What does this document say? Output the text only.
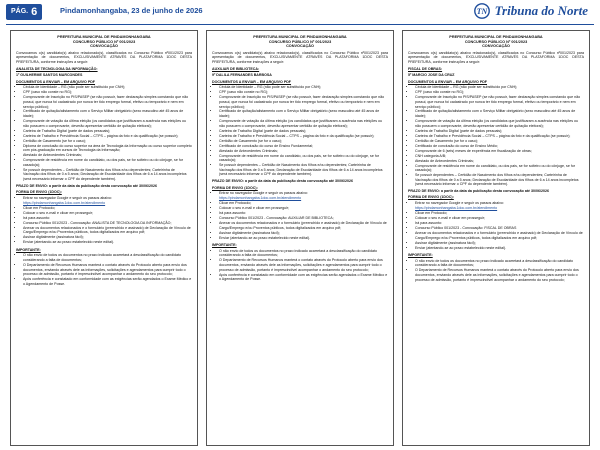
PÁG. 6	Pindamonhangaba, 23 de junho de 2026	TN Tribuna do Norte
PREFEITURA MUNICIPAL DE PINDAMONHANGABA
CONCURSO PÚBLICO Nº 001/2023
CONVOCAÇÃO

Convocamos o(s) candidato(s) abaixo relacionado(s), classificados no Concurso Público nº001/2023 para apresentação de documentos, EXCLUSIVAMENTE ATRAVÉS DA PLATAFORMA 1DOC DESTA PREFEITURA, conforme instruções a seguir:

ANALISTA DE TECNOLOGIA DA INFORMAÇÃO:

1º GUILHERME SANTOS MARCONDES

DOCUMENTOS A ENVIAR – EM ARQUIVO PDF

• Cédula de Identidade – RG (não pode ser substituído por CNH);
• CPF (caso não conste no RG);
• Comprovante de Inscrição no PIS/PASEP (se não possuir, fazer declaração simples constando que não possui, que nunca foi cadastrado por nunca ter tido emprego formal, efetivo ou temporário e nem em serviço público);
• Certificado de quitação/alistamento com o Serviço Militar obrigatório (sexo masculino até 45 anos de idade);
• Comprovante de votação da última eleição (os candidatos que justificaram a ausência nas eleições ou não possuem o comprovante, deverão apresentar certidão de quitação eleitoral);
• Carteira de Trabalho Digital (parte de dados pessoais);
• Carteira de Trabalho e Previdência Social – CTPS – página da foto e da qualificação (se possuir);
• Certidão de Casamento (se for o caso);
• Diploma de conclusão do curso superior na área de Tecnologia da Informação ou curso superior completo com pós-graduação em cursos de Tecnologia da Informação;
• Atestado de Antecedentes Criminais;
• Comprovante de residência em nome do candidato, ou dos pais, se for solteiro ou do cônjuge, se for casado(a);
• Se possuir dependentes – Certidão de Nascimento dos filhos e/ou dependentes; Carteirinha de Vacinação dos filhos de 0 a 5 anos; Declaração de Escolaridade dos filhos de 6 a 14 anos incompletos (será necessário informar o CPF do dependente também).

PRAZO DE ENVIO: a partir da data da publicação desta convocação até 30/06/2026

FORMA DE ENVIO (1DOC):

• Entrar no navegador Google e seguir os passos abaixo:
https://pindamonhangaba.1doc.com.br/atendimento
• Clicar em Protocolo;
• Colocar o seu e-mail e clicar em prosseguir;
• Irá para assunto:
• Concurso Público 001/2023 - Convocação: ANALISTA DE TECNOLOGIA DA INFORMAÇÃO;
• Anexar os documentos relacionados e o formulário (preenchido e assinado) de Declaração de Vínculo de Cargo/Emprego e/ou Proventos públicos, todos digitalizados em arquivo pdf;
• Assinar digitalmente (assinatura fácil);
• Enviar (atentando-se ao prazo estabelecido neste edital).

IMPORTANTE:

• O não envio de todos os documentos no prazo indicado acarretará a desclassificação do candidato considerando a falta de documentos;
• O Departamento de Recursos Humanos manterá o contato através do Protocolo aberto para envio dos documentos, enviando através dele as informações, solicitações e agendamentos para cumprir todo o processo de admissão, portanto é imprescindível acompanhar o andamento do seu protocolo;
• Após conferência e constatado em conformidade com as exigências serão agendados o Exame Médico e o Agendamento de Posse.
PREFEITURA MUNICIPAL DE PINDAMONHANGABA
CONCURSO PÚBLICO Nº 001/2023
CONVOCAÇÃO

Convocamos o(s) candidato(s) abaixo relacionado(s), classificados no Concurso Público nº001/2023 para apresentação de documentos, EXCLUSIVAMENTE ATRAVÉS DA PLATAFORMA 1DOC DESTA PREFEITURA, conforme instruções a seguir:

AUXILIAR DE BIBLIOTECA:

9º DALILA FERNANDES BARBOSA

DOCUMENTOS A ENVIAR – EM ARQUIVO PDF

• Cédula de Identidade – RG (não pode ser substituído por CNH);
• CPF (caso não conste no RG);
• Comprovante de Inscrição no PIS/PASEP (se não possuir, fazer declaração simples constando que não possui, que nunca foi cadastrado por nunca ter tido emprego formal, efetivo ou temporário e nem em serviço público);
• Certificado de quitação/alistamento com o Serviço Militar obrigatório (sexo masculino até 45 anos de idade);
• Comprovante de votação da última eleição (os candidatos que justificaram a ausência nas eleições ou não possuem o comprovante, deverão apresentar certidão de quitação eleitoral);
• Carteira de Trabalho Digital (parte de dados pessoais);
• Carteira de Trabalho e Previdência Social – CTPS – página da foto e da qualificação (se possuir);
• Certidão de Casamento (se for o caso);
• Certificado de conclusão do curso de Ensino Fundamental;
• Atestado de Antecedentes Criminais;
• Comprovante de residência em nome do candidato, ou dos pais, se for solteiro ou do cônjuge, se for casado(a);
• Se possuir dependentes – Certidão de Nascimento dos filhos e/ou dependentes; Carteirinha de Vacinação dos filhos de 0 a 5 anos; Declaração de Escolaridade dos filhos de 6 a 14 anos incompletos (será necessário informar o CPF do dependente também).

PRAZO DE ENVIO: a partir da data da publicação desta convocação até 30/06/2026

FORMA DE ENVIO (1DOC):

• Entrar no navegador Google e seguir os passos abaixo:
https://pindamonhangaba.1doc.com.br/atendimento
• Clicar em Protocolo;
• Colocar o seu e-mail e clicar em prosseguir;
• Irá para assunto:
• Concurso Público 001/2023 - Convocação: AUXILIAR DE BIBLIOTECA;
• Anexar os documentos relacionados e o formulário (preenchido e assinado) de Declaração de Vínculo de Cargo/Emprego e/ou Proventos públicos, todos digitalizados em arquivo pdf;
• Assinar digitalmente (assinatura fácil);
• Enviar (atentando-se ao prazo estabelecido neste edital).

IMPORTANTE:

• O não envio de todos os documentos no prazo indicado acarretará a desclassificação do candidato considerando a falta de documentos;
• O Departamento de Recursos Humanos manterá o contato através do Protocolo aberto para envio dos documentos, enviando através dele as informações, solicitações e agendamentos para cumprir todo o processo de admissão, portanto é imprescindível acompanhar o andamento do seu protocolo;
• Após conferência e constatado em conformidade com as exigências serão agendados o Exame Médico e o Agendamento de Posse.
PREFEITURA MUNICIPAL DE PINDAMONHANGABA
CONCURSO PÚBLICO Nº 001/2023
CONVOCAÇÃO

Convocamos o(s) candidato(s) abaixo relacionado(s), classificados no Concurso Público nº001/2023 para apresentação de documentos, EXCLUSIVAMENTE ATRAVÉS DA PLATAFORMA 1DOC DESTA PREFEITURA, conforme instruções a seguir:

FISCAL DE OBRAS:

5º MARCIO JOSE DA CRUZ

DOCUMENTOS A ENVIAR – EM ARQUIVO PDF

• Cédula de Identidade – RG (não pode ser substituído por CNH);
• CPF (caso não conste no RG);
• Comprovante de Inscrição no PIS/PASEP (se não possuir, fazer declaração simples constando que não possui, que nunca foi cadastrado por nunca ter tido emprego formal, efetivo ou temporário e nem em serviço público);
• Certificado de quitação/alistamento com o Serviço Militar obrigatório (sexo masculino até 45 anos de idade);
• Comprovante de votação da última eleição (os candidatos que justificaram a ausência nas eleições ou não possuem o comprovante, deverão apresentar certidão de quitação eleitoral);
• Carteira de Trabalho Digital (parte de dados pessoais);
• Carteira de Trabalho e Previdência Social – CTPS – página da foto e da qualificação (se possuir);
• Certidão de Casamento (se for o caso);
• Certificado de conclusão do curso de Ensino Médio;
• Comprovante de 6 (seis) meses de experiência em fiscalização de obras;
• CNH categoria A/B;
• Atestado de Antecedentes Criminais;
• Comprovante de residência em nome do candidato, ou dos pais, se for solteiro ou do cônjuge, se for casado(a);
• Se possuir dependentes – Certidão de Nascimento dos filhos e/ou dependentes; Carteirinha de Vacinação dos filhos de 0 a 5 anos; Declaração de Escolaridade dos filhos de 6 a 14 anos incompletos (será necessário informar o CPF do dependente também).

PRAZO DE ENVIO: a partir da data da publicação desta convocação até 30/06/2026

FORMA DE ENVIO (1DOC):

• Entrar no navegador Google e seguir os passos abaixo:
https://pindamonhangaba.1doc.com.br/atendimento
• Clicar em Protocolo;
• Colocar o seu e-mail e clicar em prosseguir;
• Irá para assunto:
• Concurso Público 001/2023 - Convocação: FISCAL DE OBRAS
• Anexar os documentos relacionados e o formulário (preenchido e assinado) de Declaração de Vínculo de Cargo/Emprego e/ou Proventos públicos, todos digitalizados em arquivo pdf;
• Assinar digitalmente (assinatura fácil);
• Enviar (atentando-se ao prazo estabelecido neste edital).

IMPORTANTE:

• O não envio de todos os documentos no prazo indicado acarretará a desclassificação do candidato considerando a falta de documentos;
• O Departamento de Recursos Humanos manterá o contato através do Protocolo aberto para envio dos documentos, enviando através dele as informações, solicitações e agendamentos para cumprir todo o processo de admissão, portanto é imprescindível acompanhar o andamento do seu protocolo;
